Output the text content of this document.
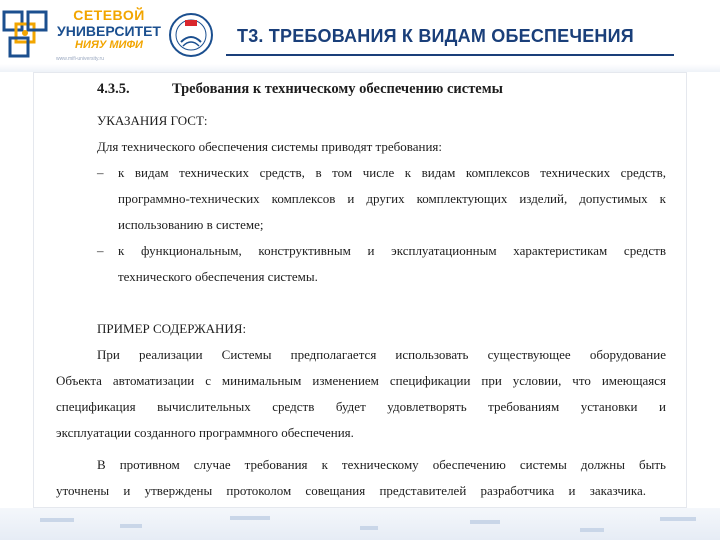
СЕТЕВОЙ
УНИВЕРСИТЕТ
НИЯУ МИФИ
www.mifi-university.ru
Т3. ТРЕБОВАНИЯ К ВИДАМ ОБЕСПЕЧЕНИЯ
4.3.5.	Требования к техническому обеспечению системы

УКАЗАНИЯ ГОСТ:

Для технического обеспечения системы приводят требования:

– к видам технических средств, в том числе к видам комплексов технических средств,

программно-технических комплексов и других комплектующих изделий, допустимых к

использованию в системе;

– к функциональным, конструктивным и эксплуатационным характеристикам средств

технического обеспечения системы.

ПРИМЕР СОДЕРЖАНИЯ:

При реализации Системы предполагается использовать существующее оборудование

Объекта автоматизации с минимальным изменением спецификации при условии, что имеющаяся

спецификация вычислительных средств будет удовлетворять требованиям установки и

эксплуатации созданного программного обеспечения.

В противном случае требования к техническому обеспечению системы должны быть

уточнены и утверждены протоколом совещания представителей разработчика и заказчика.
